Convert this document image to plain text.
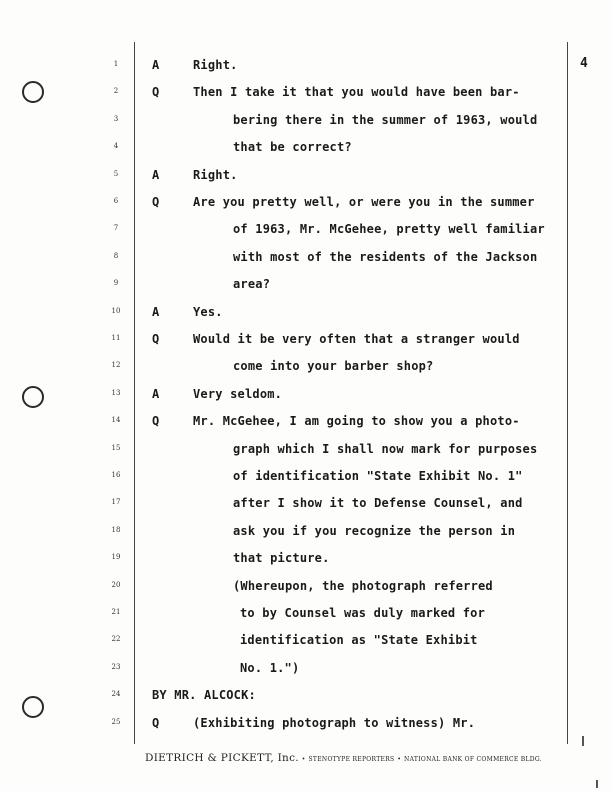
4
1	A	Right.
2	Q	Then I take it that you would have been bar-
3	bering there in the summer of 1963, would
4	that be correct?
5	A	Right.
6	Q	Are you pretty well, or were you in the summer
7	of 1963, Mr. McGehee, pretty well familiar
8	with most of the residents of the Jackson
9	area?
10	A	Yes.
11	Q	Would it be very often that a stranger would
12	come into your barber shop?
13	A	Very seldom.
14	Q	Mr. McGehee, I am going to show you a photo-
15	graph which I shall now mark for purposes
16	of identification "State Exhibit No. 1"
17	after I show it to Defense Counsel, and
18	ask you if you recognize the person in
19	that picture.
20	(Whereupon, the photograph referred
21	to by Counsel was duly marked for
22	identification as "State Exhibit
23	No. 1.")
24	BY MR. ALCOCK:
25	Q	(Exhibiting photograph to witness) Mr.
DIETRICH & PICKETT, Inc. • STENOTYPE REPORTERS • NATIONAL BANK OF COMMERCE BLDG.
